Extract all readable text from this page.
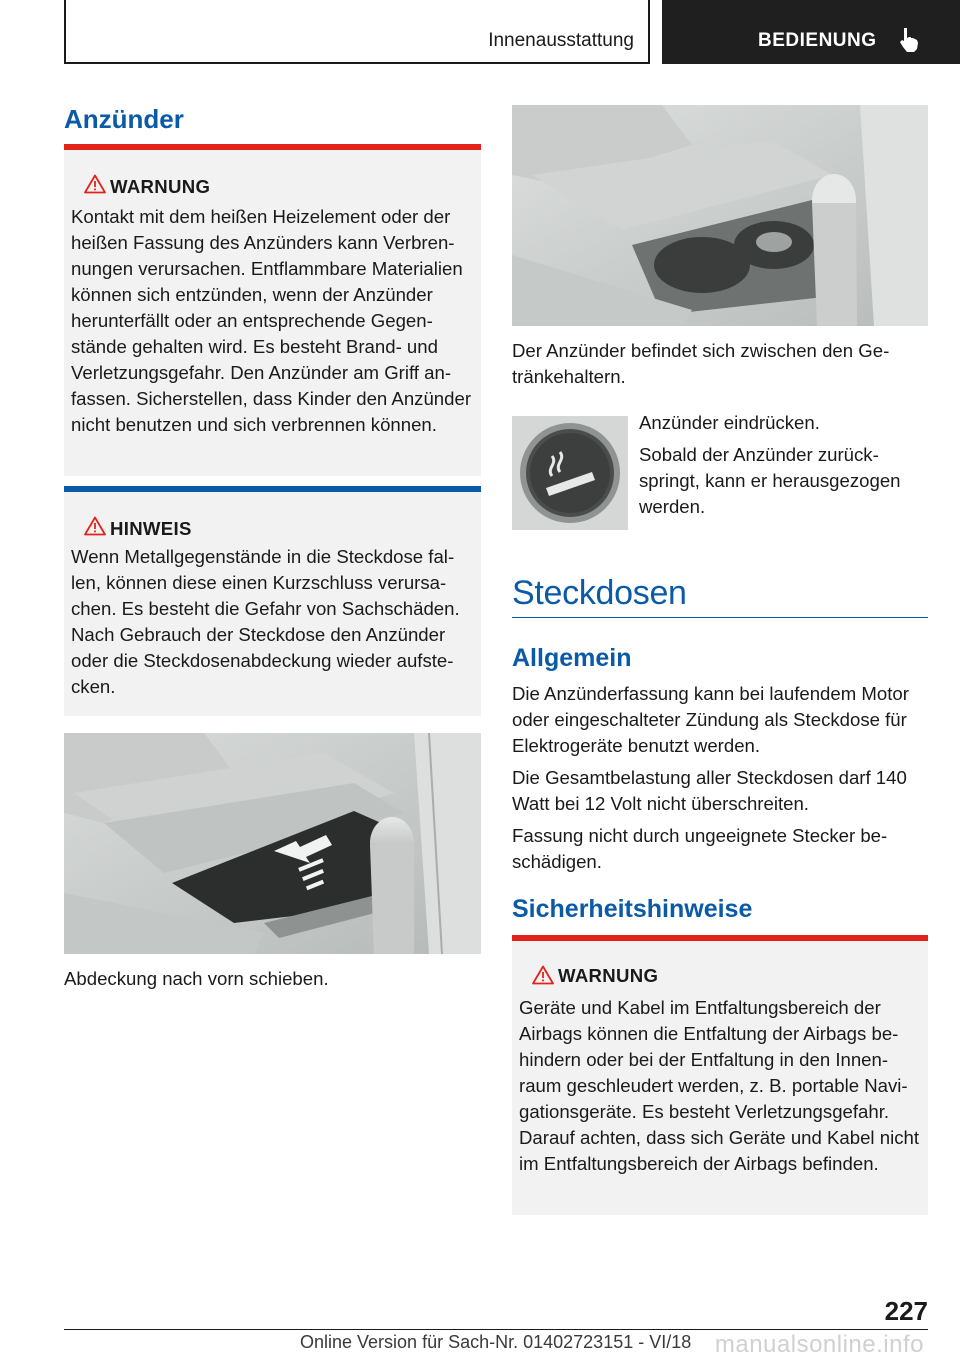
Innenausstattung	BEDIENUNG
Anzünder
WARNUNG
Kontakt mit dem heißen Heizelement oder der heißen Fassung des Anzünders kann Verbrennungen verursachen. Entflammbare Materialien können sich entzünden, wenn der Anzünder herunterfällt oder an entsprechende Gegenstände gehalten wird. Es besteht Brand- und Verletzungsgefahr. Den Anzünder am Griff anfassen. Sicherstellen, dass Kinder den Anzünder nicht benutzen und sich verbrennen können.
HINWEIS
Wenn Metallgegenstände in die Steckdose fallen, können diese einen Kurzschluss verursachen. Es besteht die Gefahr von Sachschäden. Nach Gebrauch der Steckdose den Anzünder oder die Steckdosenabdeckung wieder aufstecken.
Abdeckung nach vorn schieben.
Der Anzünder befindet sich zwischen den Getränkehaltern.

Anzünder eindrücken.

Sobald der Anzünder zurückspringt, kann er herausgezogen werden.

Steckdosen
Allgemein

Die Anzünderfassung kann bei laufendem Motor oder eingeschalteter Zündung als Steckdose für Elektrogeräte benutzt werden.

Die Gesamtbelastung aller Steckdosen darf 140 Watt bei 12 Volt nicht überschreiten.

Fassung nicht durch ungeeignete Stecker beschädigen.

Sicherheitshinweise
WARNUNG
Geräte und Kabel im Entfaltungsbereich der Airbags können die Entfaltung der Airbags behindern oder bei der Entfaltung in den Innenraum geschleudert werden, z. B. portable Navigationsgeräte. Es besteht Verletzungsgefahr. Darauf achten, dass sich Geräte und Kabel nicht im Entfaltungsbereich der Airbags befinden.
227
Online Version für Sach-Nr. 01402723151 - VI/18 manualsonline.info
